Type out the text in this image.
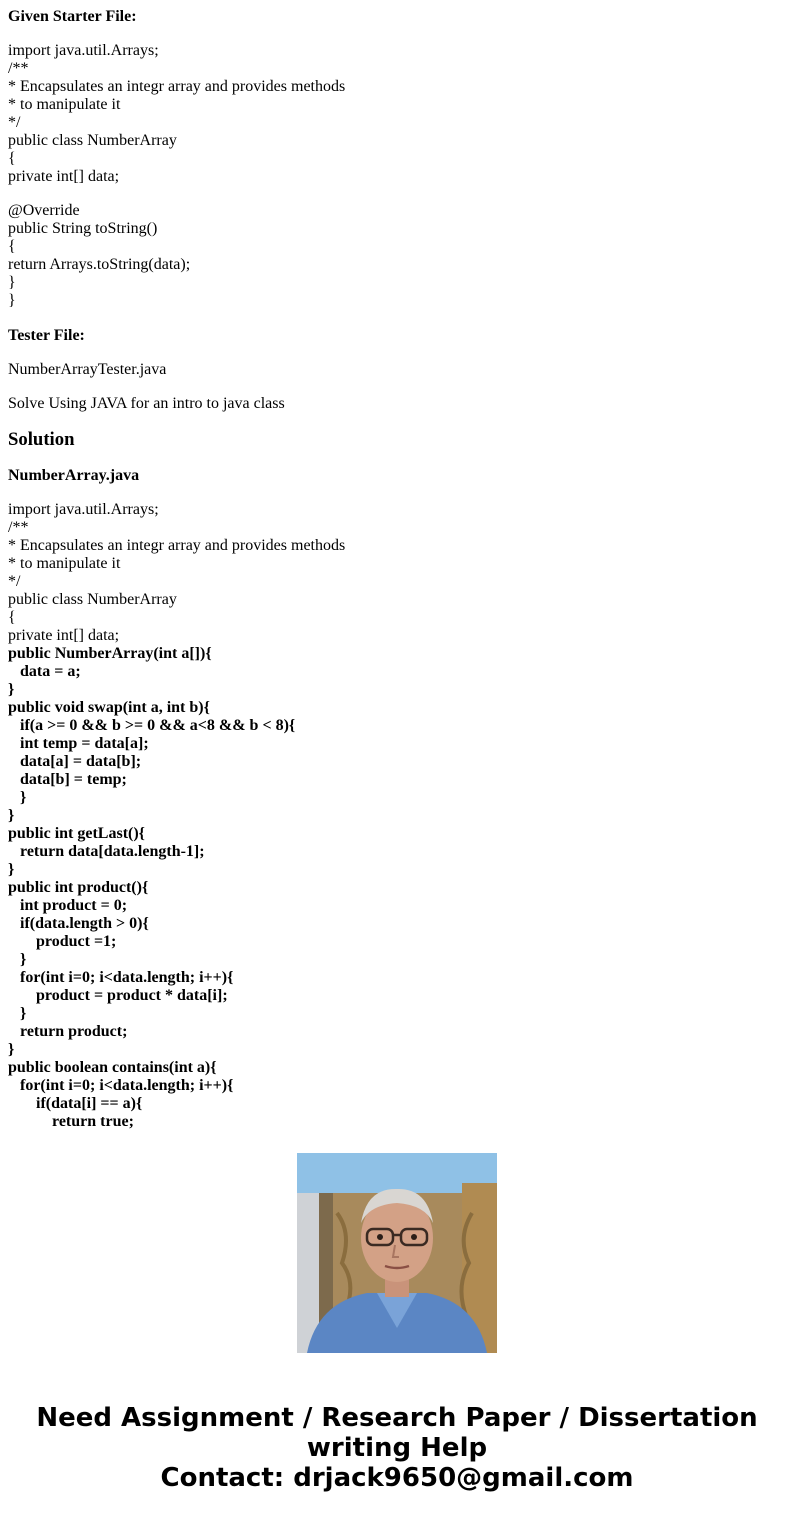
Given Starter File:
import java.util.Arrays;
/**
* Encapsulates an integr array and provides methods
* to manipulate it
*/
public class NumberArray
{
private int[] data;
@Override
public String toString()
{
return Arrays.toString(data);
}
}
Tester File:
NumberArrayTester.java
Solve Using JAVA for an intro to java class
Solution
NumberArray.java
import java.util.Arrays;
/**
* Encapsulates an integr array and provides methods
* to manipulate it
*/
public class NumberArray
{
private int[] data;
public NumberArray(int a[]){
data = a;
}
public void swap(int a, int b){
if(a >= 0 && b >= 0 && a<8 && b < 8){
int temp = data[a];
data[a] = data[b];
data[b] = temp;
}
}
public int getLast(){
return data[data.length-1];
}
public int product(){
int product = 0;
if(data.length > 0){
product =1;
}
for(int i=0; i<data.length; i++){
product = product * data[i];
}
return product;
}
public boolean contains(int a){
for(int i=0; i<data.length; i++){
if(data[i] == a){
return true;
Need Assignment / Research Paper / Dissertation
writing Help
Contact: drjack9650@gmail.com
